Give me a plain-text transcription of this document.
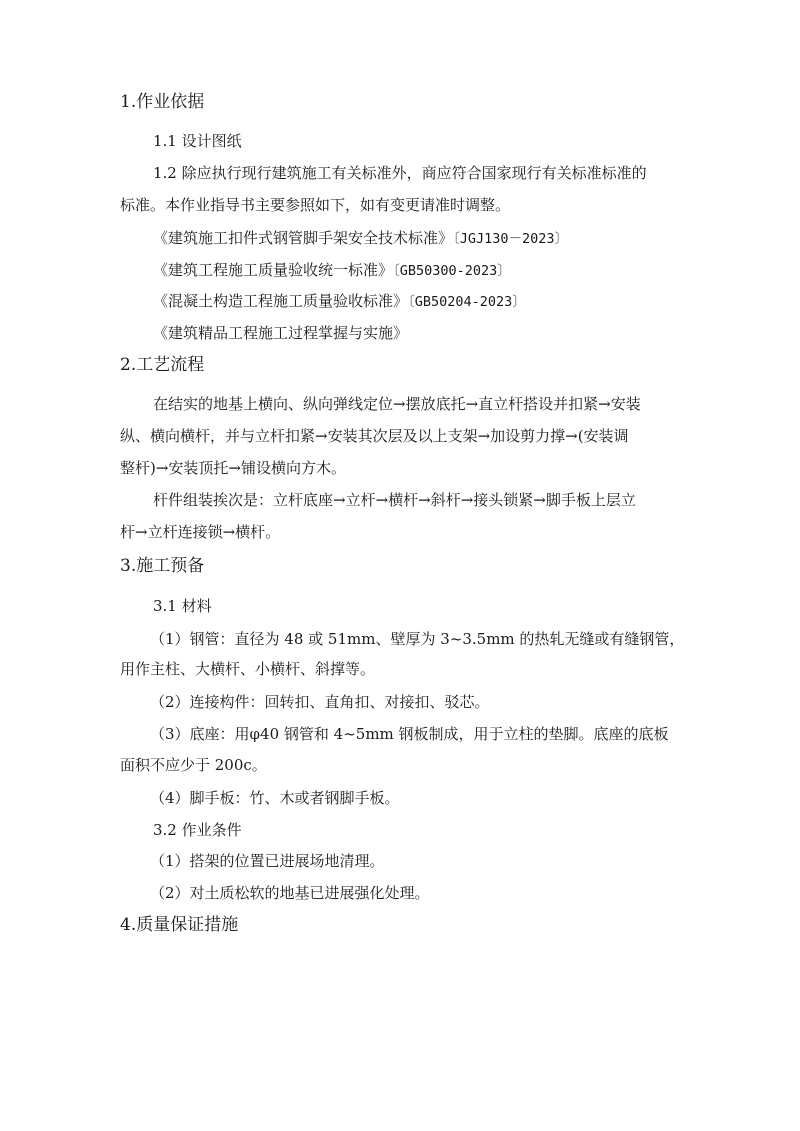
1.作业依据
1.1 设计图纸
1.2 除应执行现行建筑施工有关标准外，商应符合国家现行有关标准标准的
标准。本作业指导书主要参照如下，如有变更请准时调整。
《建筑施工扣件式钢管脚手架安全技术标准》〔JGJ130－2023〕
《建筑工程施工质量验收统一标准》〔GB50300-2023〕
《混凝土构造工程施工质量验收标准》〔GB50204-2023〕
《建筑精品工程施工过程掌握与实施》
2.工艺流程
在结实的地基上横向、纵向弹线定位→摆放底托→直立杆搭设并扣紧→安装
纵、横向横杆，并与立杆扣紧→安装其次层及以上支架→加设剪力撑→(安装调
整杆)→安装顶托→铺设横向方木。
杆件组装挨次是：立杆底座→立杆→横杆→斜杆→接头锁紧→脚手板上层立
杆→立杆连接锁→横杆。
3.施工预备
3.1 材料
（1）钢管：直径为 48 或 51mm、壁厚为 3~3.5mm 的热轧无缝或有缝钢管，
用作主柱、大横杆、小横杆、斜撑等。
（2）连接构件：回转扣、直角扣、对接扣、驳芯。
（3）底座：用φ40 钢管和 4~5mm 钢板制成，用于立柱的垫脚。底座的底板
面积不应少于 200c。
（4）脚手板：竹、木或者钢脚手板。
3.2 作业条件
（1）搭架的位置已进展场地清理。
（2）对土质松软的地基已进展强化处理。
4.质量保证措施
